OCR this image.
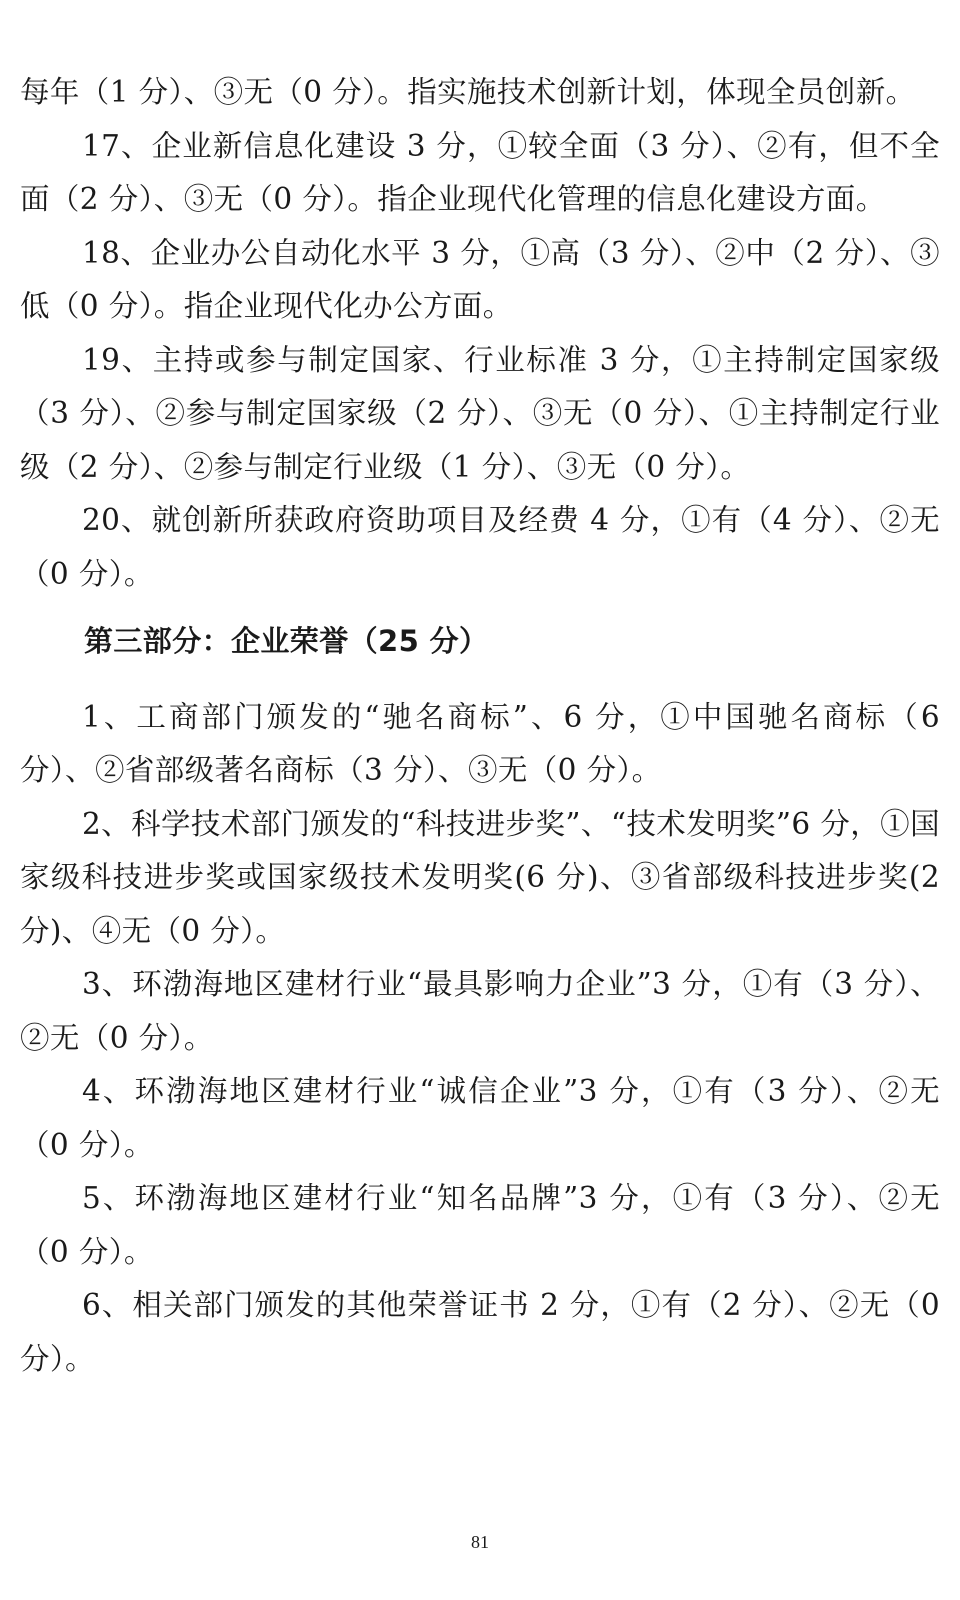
每年（1 分）、③无（0 分）。指实施技术创新计划，体现全员创新。

17、企业新信息化建设 3 分，①较全面（3 分）、②有，但不全面（2 分）、③无（0 分）。指企业现代化管理的信息化建设方面。

18、企业办公自动化水平 3 分，①高（3 分）、②中（2 分）、③低（0 分）。指企业现代化办公方面。

19、主持或参与制定国家、行业标准 3 分，①主持制定国家级（3 分）、②参与制定国家级（2 分）、③无（0 分）、①主持制定行业级（2 分）、②参与制定行业级（1 分）、③无（0 分）。

20、就创新所获政府资助项目及经费 4 分，①有（4 分）、②无（0 分）。

第三部分：企业荣誉（25 分）

1、工商部门颁发的“驰名商标”、6 分，①中国驰名商标（6 分）、②省部级著名商标（3 分）、③无（0 分）。

2、科学技术部门颁发的“科技进步奖”、“技术发明奖”6 分，①国家级科技进步奖或国家级技术发明奖(6 分)、③省部级科技进步奖(2 分)、④无（0 分）。

3、环渤海地区建材行业“最具影响力企业”3 分，①有（3 分）、②无（0 分）。

4、环渤海地区建材行业“诚信企业”3 分，①有（3 分）、②无（0 分）。

5、环渤海地区建材行业“知名品牌”3 分，①有（3 分）、②无（0 分）。

6、相关部门颁发的其他荣誉证书 2 分，①有（2 分）、②无（0 分）。

81
